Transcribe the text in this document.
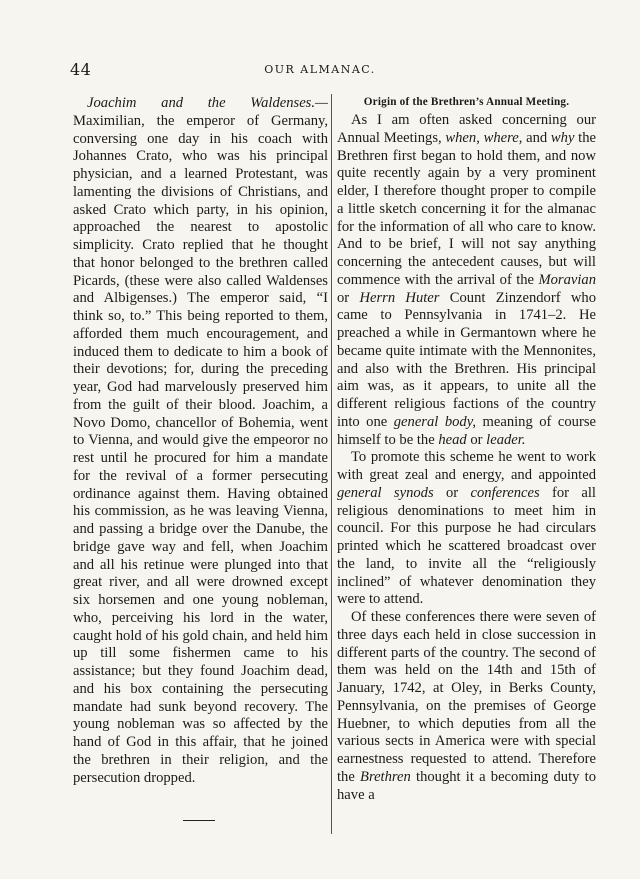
44	OUR ALMANAC.

Joachim and the Waldenses.— Maximilian, the emperor of Germany, conversing one day in his coach with Johannes Crato, who was his principal physician, and a learned Protestant, was lamenting the divisions of Christians, and asked Crato which party, in his opinion, approached the nearest to apostolic simplicity. Crato replied that he thought that honor belonged to the brethren called Picards, (these were also called Waldenses and Albigenses.) The emperor said, “I think so, to.” This being reported to them, afforded them much encouragement, and induced them to dedicate to him a book of their devotions; for, during the preceding year, God had marvelously preserved him from the guilt of their blood. Joachim, a Novo Domo, chancellor of Bohemia, went to Vienna, and would give the empeoror no rest until he procured for him a mandate for the revival of a former persecuting ordinance against them. Having obtained his commission, as he was leaving Vienna, and passing a bridge over the Danube, the bridge gave way and fell, when Joachim and all his retinue were plunged into that great river, and all were drowned except six horsemen and one young nobleman, who, perceiving his lord in the water, caught hold of his gold chain, and held him up till some fishermen came to his assistance; but they found Joachim dead, and his box containing the persecuting mandate had sunk beyond recovery. The young nobleman was so affected by the hand of God in this affair, that he joined the brethren in their religion, and the persecution dropped.

Origin of the Brethren’s Annual Meeting.

As I am often asked concerning our Annual Meetings, when, where, and why the Brethren first began to hold them, and now quite recently again by a very prominent elder, I therefore thought proper to compile a little sketch concerning it for the almanac for the information of all who care to know. And to be brief, I will not say anything concerning the antecedent causes, but will commence with the arrival of the Moravian or Herrn Huter Count Zinzendorf who came to Pennsylvania in 1741–2. He preached a while in Germantown where he became quite intimate with the Mennonites, and also with the Brethren. His principal aim was, as it appears, to unite all the different religious factions of the country into one general body, meaning of course himself to be the head or leader.

To promote this scheme he went to work with great zeal and energy, and appointed general synods or conferences for all religious denominations to meet him in council. For this purpose he had circulars printed which he scattered broadcast over the land, to invite all the “religiously inclined” of whatever denomination they were to attend.

Of these conferences there were seven of three days each held in close succession in different parts of the country. The second of them was held on the 14th and 15th of January, 1742, at Oley, in Berks County, Pennsylvania, on the premises of George Huebner, to which deputies from all the various sects in America were with special earnestness requested to attend. Therefore the Brethren thought it a becoming duty to have a
